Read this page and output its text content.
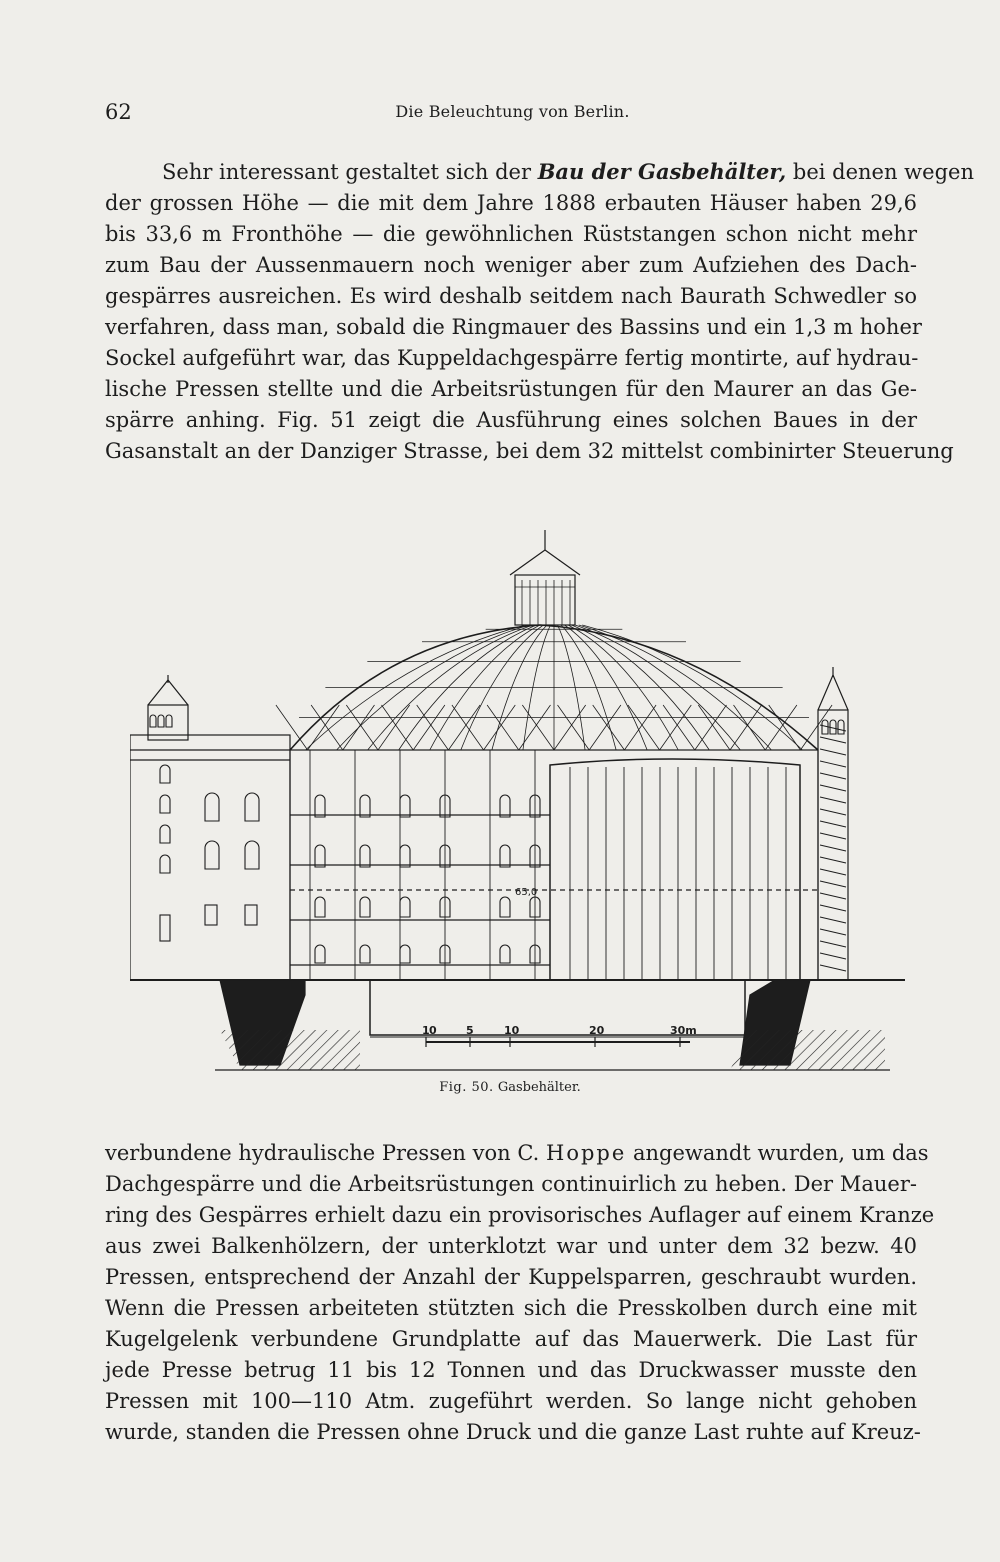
62	Die Beleuchtung von Berlin.

Sehr interessant gestaltet sich der Bau der Gasbehälter, bei denen wegen
der grossen Höhe — die mit dem Jahre 1888 erbauten Häuser haben 29,6
bis 33,6 m Fronthöhe — die gewöhnlichen Rüststangen schon nicht mehr
zum Bau der Aussenmauern noch weniger aber zum Aufziehen des Dach-
gespärres ausreichen. Es wird deshalb seitdem nach Baurath Schwedler so
verfahren, dass man, sobald die Ringmauer des Bassins und ein 1,3 m hoher
Sockel aufgeführt war, das Kuppeldachgespärre fertig montirte, auf hydrau-
lische Pressen stellte und die Arbeitsrüstungen für den Maurer an das Ge-
spärre anhing. Fig. 51 zeigt die Ausführung eines solchen Baues in der
Gasanstalt an der Danziger Strasse, bei dem 32 mittelst combinirter Steuerung

65,0
1 0	5	10	20	30m
Fig. 50. Gasbehälter.

verbundene hydraulische Pressen von C. Hoppe angewandt wurden, um das
Dachgespärre und die Arbeitsrüstungen continuirlich zu heben. Der Mauer-
ring des Gespärres erhielt dazu ein provisorisches Auflager auf einem Kranze
aus zwei Balkenhölzern, der unterklotzt war und unter dem 32 bezw. 40
Pressen, entsprechend der Anzahl der Kuppelsparren, geschraubt wurden.
Wenn die Pressen arbeiteten stützten sich die Presskolben durch eine mit
Kugelgelenk verbundene Grundplatte auf das Mauerwerk. Die Last für
jede Presse betrug 11 bis 12 Tonnen und das Druckwasser musste den
Pressen mit 100—110 Atm. zugeführt werden. So lange nicht gehoben
wurde, standen die Pressen ohne Druck und die ganze Last ruhte auf Kreuz-
